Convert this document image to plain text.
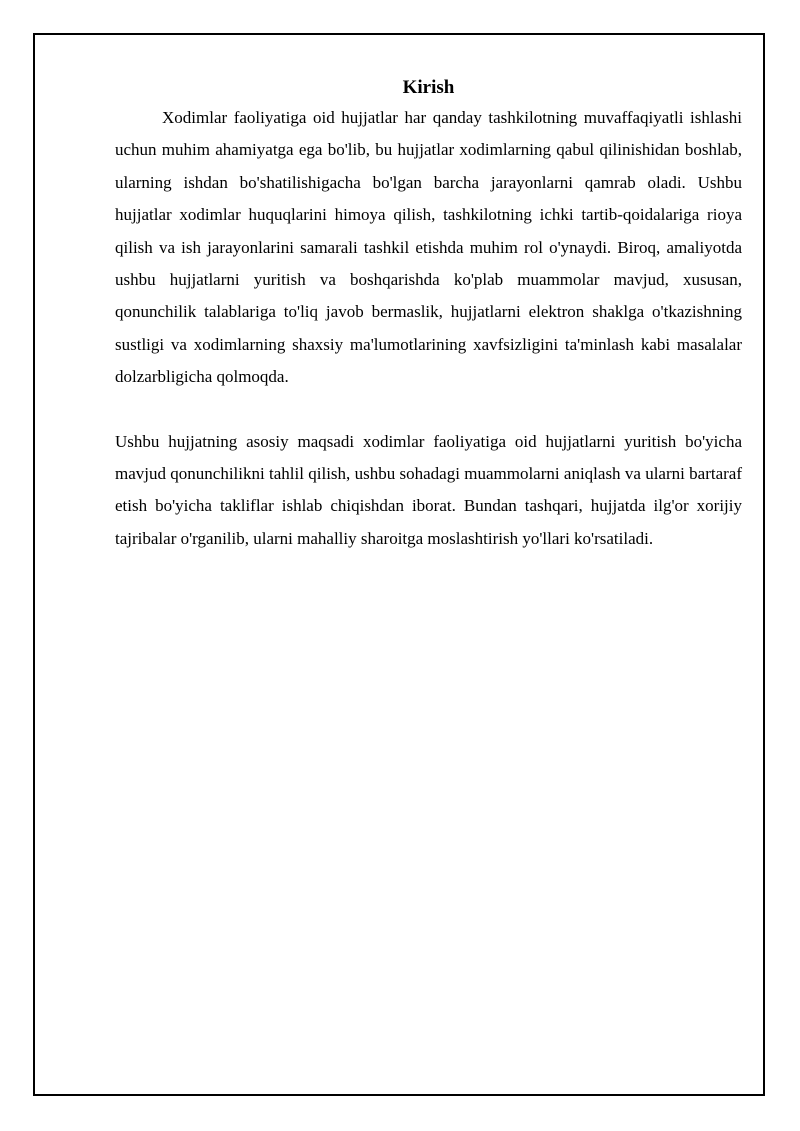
Kirish

Xodimlar faoliyatiga oid hujjatlar har qanday tashkilotning muvaffaqiyatli ishlashi uchun muhim ahamiyatga ega bo'lib, bu hujjatlar xodimlarning qabul qilinishidan boshlab, ularning ishdan bo'shatilishigacha bo'lgan barcha jarayonlarni qamrab oladi. Ushbu hujjatlar xodimlar huquqlarini himoya qilish, tashkilotning ichki tartib-qoidalariga rioya qilish va ish jarayonlarini samarali tashkil etishda muhim rol o'ynaydi. Biroq, amaliyotda ushbu hujjatlarni yuritish va boshqarishda ko'plab muammolar mavjud, xususan, qonunchilik talablariga to'liq javob bermaslik, hujjatlarni elektron shaklga o'tkazishning sustligi va xodimlarning shaxsiy ma'lumotlarining xavfsizligini ta'minlash kabi masalalar dolzarbligicha qolmoqda.

Ushbu hujjatning asosiy maqsadi xodimlar faoliyatiga oid hujjatlarni yuritish bo'yicha mavjud qonunchilikni tahlil qilish, ushbu sohadagi muammolarni aniqlash va ularni bartaraf etish bo'yicha takliflar ishlab chiqishdan iborat. Bundan tashqari, hujjatda ilg'or xorijiy tajribalar o'rganilib, ularni mahalliy sharoitga moslashtirish yo'llari ko'rsatiladi.
